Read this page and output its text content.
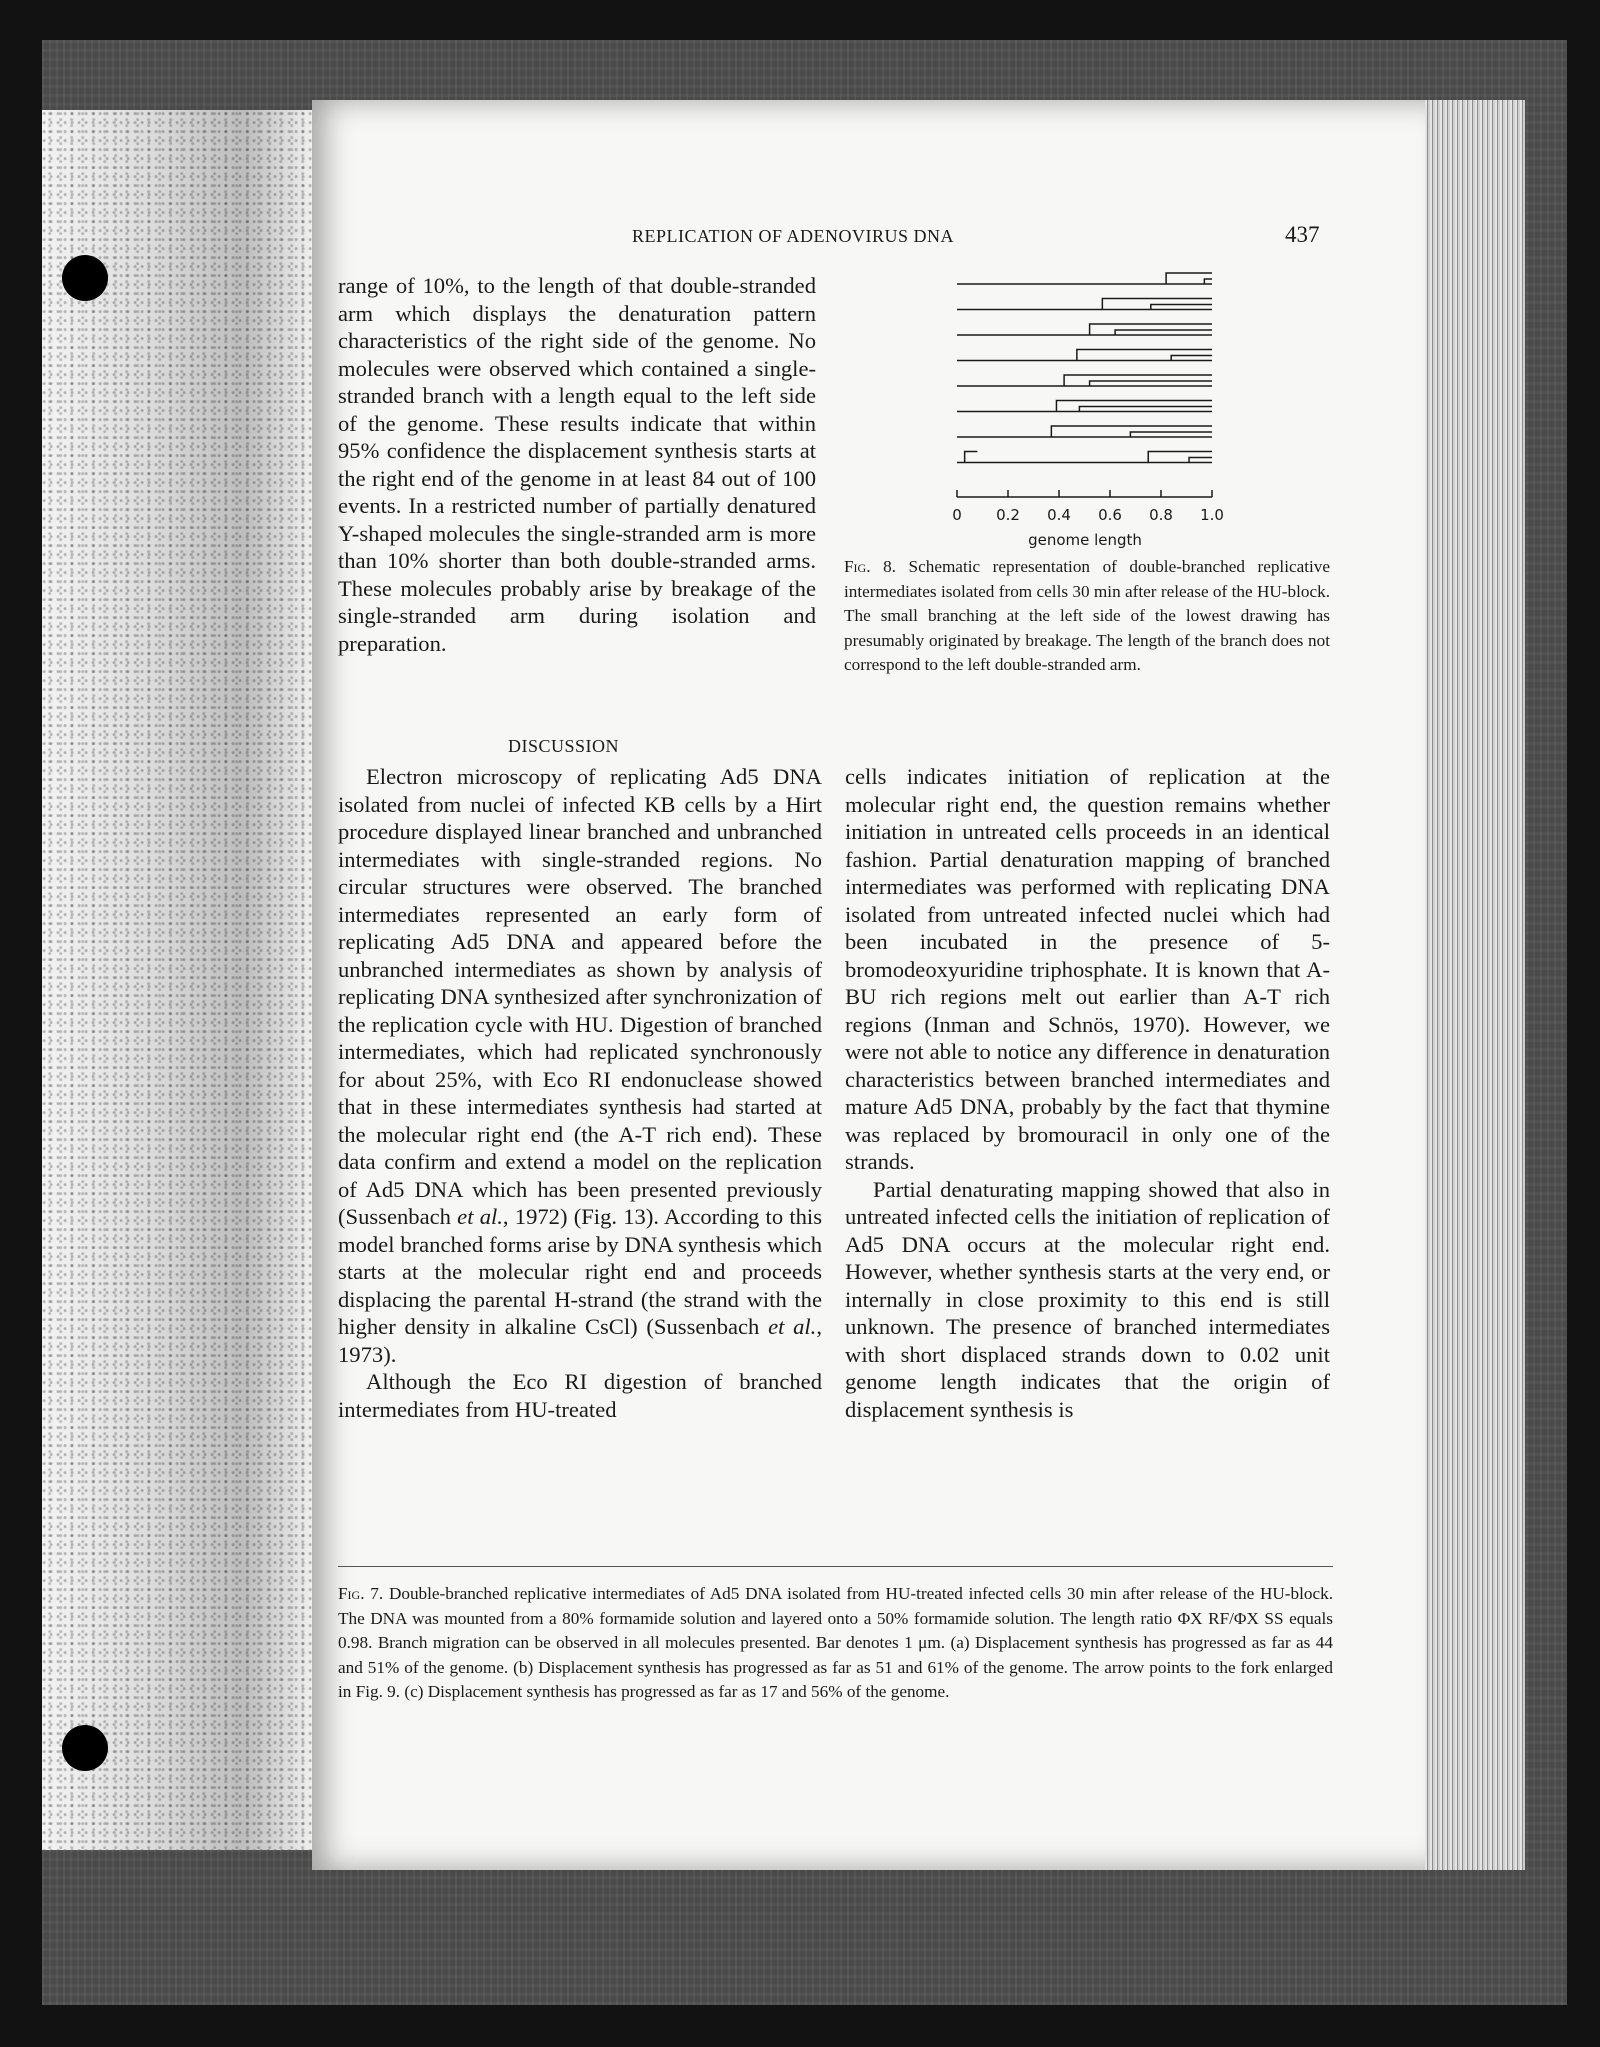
REPLICATION OF ADENOVIRUS DNA	437

range of 10%, to the length of that double-stranded arm which displays the denaturation pattern characteristics of the right side of the genome. No molecules were observed which contained a single-stranded branch with a length equal to the left side of the genome. These results indicate that within 95% confidence the displacement synthesis starts at the right end of the genome in at least 84 out of 100 events. In a restricted number of partially denatured Y-shaped molecules the single-stranded arm is more than 10% shorter than both double-stranded arms. These molecules probably arise by breakage of the single-stranded arm during isolation and preparation.

0 0.2 0.4 0.6 0.8 1.0
genome length
Fig. 8. Schematic representation of double-branched replicative intermediates isolated from cells 30 min after release of the HU-block. The small branching at the left side of the lowest drawing has presumably originated by breakage. The length of the branch does not correspond to the left double-stranded arm.
DISCUSSION

Electron microscopy of replicating Ad5 DNA isolated from nuclei of infected KB cells by a Hirt procedure displayed linear branched and unbranched intermediates with single-stranded regions. No circular structures were observed. The branched intermediates represented an early form of replicating Ad5 DNA and appeared before the unbranched intermediates as shown by analysis of replicating DNA synthesized after synchronization of the replication cycle with HU. Digestion of branched intermediates, which had replicated synchronously for about 25%, with Eco RI endonuclease showed that in these intermediates synthesis had started at the molecular right end (the A-T rich end). These data confirm and extend a model on the replication of Ad5 DNA which has been presented previously (Sussenbach et al., 1972) (Fig. 13). According to this model branched forms arise by DNA synthesis which starts at the molecular right end and proceeds displacing the parental H-strand (the strand with the higher density in alkaline CsCl) (Sussenbach et al., 1973).

Although the Eco RI digestion of branched intermediates from HU-treated

cells indicates initiation of replication at the molecular right end, the question remains whether initiation in untreated cells proceeds in an identical fashion. Partial denaturation mapping of branched intermediates was performed with replicating DNA isolated from untreated infected nuclei which had been incubated in the presence of 5-bromodeoxyuridine triphosphate. It is known that A-BU rich regions melt out earlier than A-T rich regions (Inman and Schnös, 1970). However, we were not able to notice any difference in denaturation characteristics between branched intermediates and mature Ad5 DNA, probably by the fact that thymine was replaced by bromouracil in only one of the strands.

Partial denaturating mapping showed that also in untreated infected cells the initiation of replication of Ad5 DNA occurs at the molecular right end. However, whether synthesis starts at the very end, or internally in close proximity to this end is still unknown. The presence of branched intermediates with short displaced strands down to 0.02 unit genome length indicates that the origin of displacement synthesis is

Fig. 7. Double-branched replicative intermediates of Ad5 DNA isolated from HU-treated infected cells 30 min after release of the HU-block. The DNA was mounted from a 80% formamide solution and layered onto a 50% formamide solution. The length ratio ΦX RF/ΦX SS equals 0.98. Branch migration can be observed in all molecules presented. Bar denotes 1 μm. (a) Displacement synthesis has progressed as far as 44 and 51% of the genome. (b) Displacement synthesis has progressed as far as 51 and 61% of the genome. The arrow points to the fork enlarged in Fig. 9. (c) Displacement synthesis has progressed as far as 17 and 56% of the genome.
